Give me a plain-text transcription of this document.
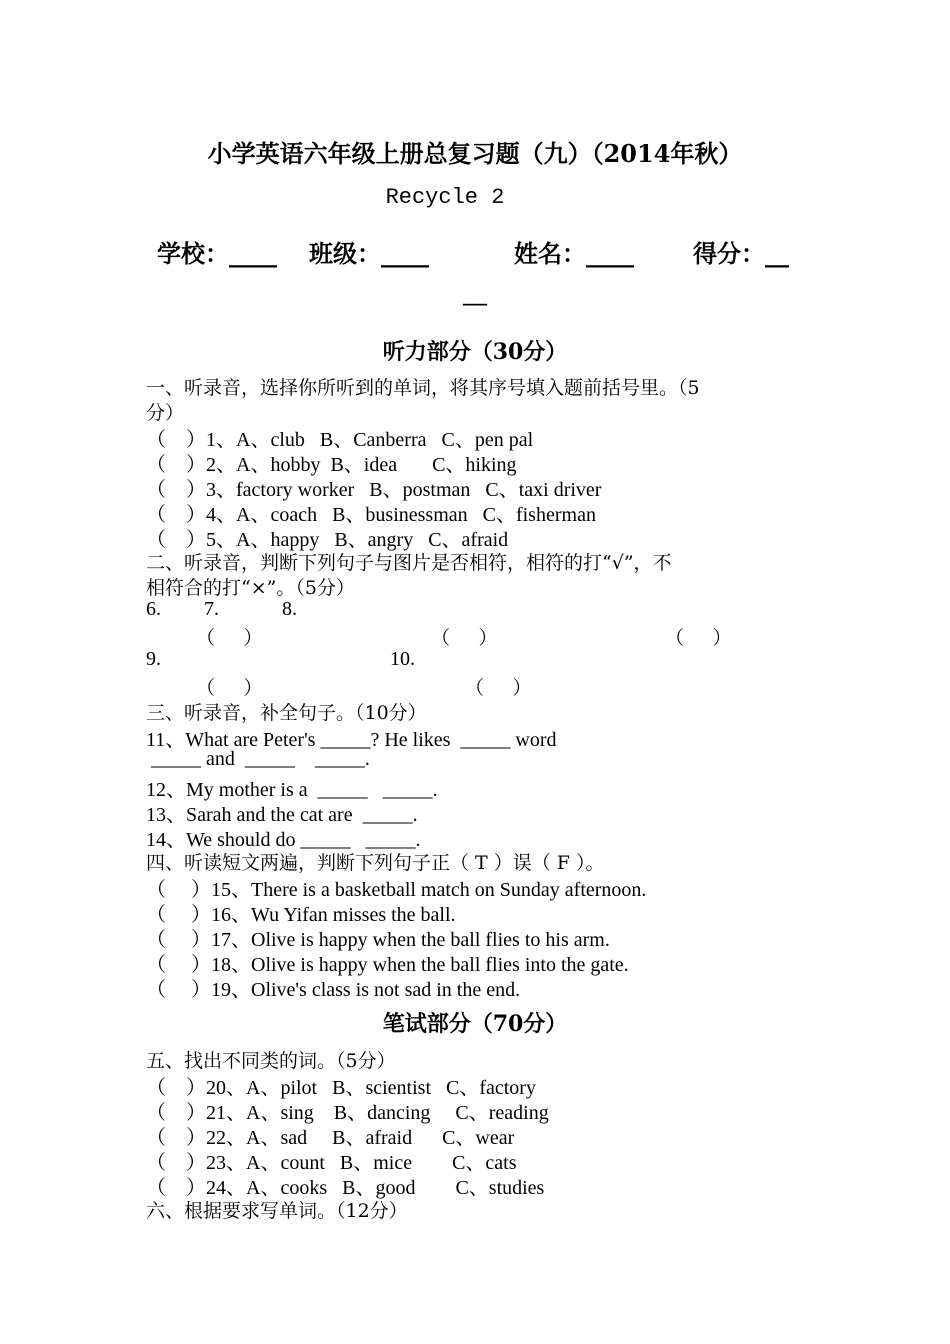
小学英语六年级上册总复习题（九）（2014年秋）
Recycle 2
学校：____ 班级：____	姓名：____ 得分：__
__
听力部分（30分）
一、听录音，选择你所听到的单词，将其序号填入题前括号里。（5
分）
（    ）1、A、club   B、Canberra   C、pen pal
（    ）2、A、hobby  B、idea       C、hiking
（    ）3、factory worker   B、postman   C、taxi driver
（    ）4、A、coach   B、businessman   C、fisherman
（    ）5、A、happy   B、angry   C、afraid
二、听录音，判断下列句子与图片是否相符，相符的打“√”，不
相符合的打“×”。（5分）
6. 7.	8.
（      ）	（      ）	（      ）
9.	10.
（      ）	（      ）
三、听录音，补全句子。（10分）
11、What are Peter's _____? He likes  _____ word
_____ and  _____    _____.
12、My mother is a  _____   _____.
13、Sarah and the cat are  _____.
14、We should do _____   _____.
四、听读短文两遍，判断下列句子正（ T ）误（ F ）。
（     ）15、There is a basketball match on Sunday afternoon.
（     ）16、Wu Yifan misses the ball.
（     ）17、Olive is happy when the ball flies to his arm.
（     ）18、Olive is happy when the ball flies into the gate.
（     ）19、Olive's class is not sad in the end.
笔试部分（70分）
五、找出不同类的词。（5分）
（    ）20、A、pilot   B、scientist   C、factory
（    ）21、A、sing    B、dancing     C、reading
（    ）22、A、sad     B、afraid      C、wear
（    ）23、A、count   B、mice        C、cats
（    ）24、A、cooks   B、good        C、studies
六、根据要求写单词。（12分）
